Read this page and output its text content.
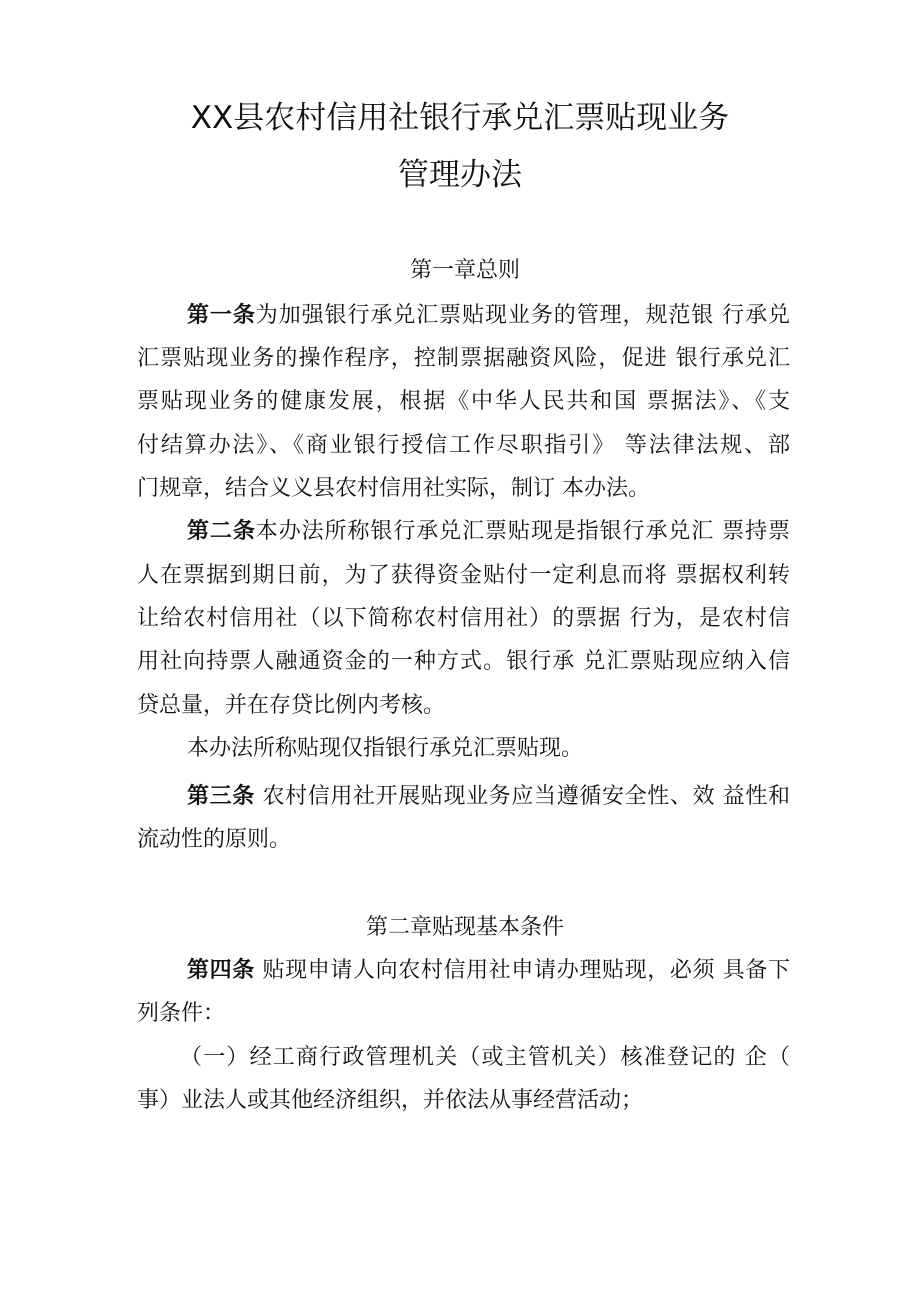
XX县农村信用社银行承兑汇票贴现业务
管理办法
第一章总则
第一条为加强银行承兑汇票贴现业务的管理，规范银 行承兑
汇票贴现业务的操作程序，控制票据融资风险，促进 银行承兑汇
票贴现业务的健康发展，根据《中华人民共和国 票据法》、《支
付结算办法》、《商业银行授信工作尽职指引》 等法律法规、部
门规章，结合义义县农村信用社实际，制订 本办法。
第二条本办法所称银行承兑汇票贴现是指银行承兑汇 票持票
人在票据到期日前，为了获得资金贴付一定利息而将 票据权利转
让给农村信用社（以下简称农村信用社）的票据 行为，是农村信
用社向持票人融通资金的一种方式。银行承 兑汇票贴现应纳入信
贷总量，并在存贷比例内考核。
本办法所称贴现仅指银行承兑汇票贴现。
第三条 农村信用社开展贴现业务应当遵循安全性、效 益性和
流动性的原则。
第二章贴现基本条件
第四条 贴现申请人向农村信用社申请办理贴现，必须 具备下
列条件：
（一）经工商行政管理机关（或主管机关）核准登记的 企（
事）业法人或其他经济组织，并依法从事经营活动；
